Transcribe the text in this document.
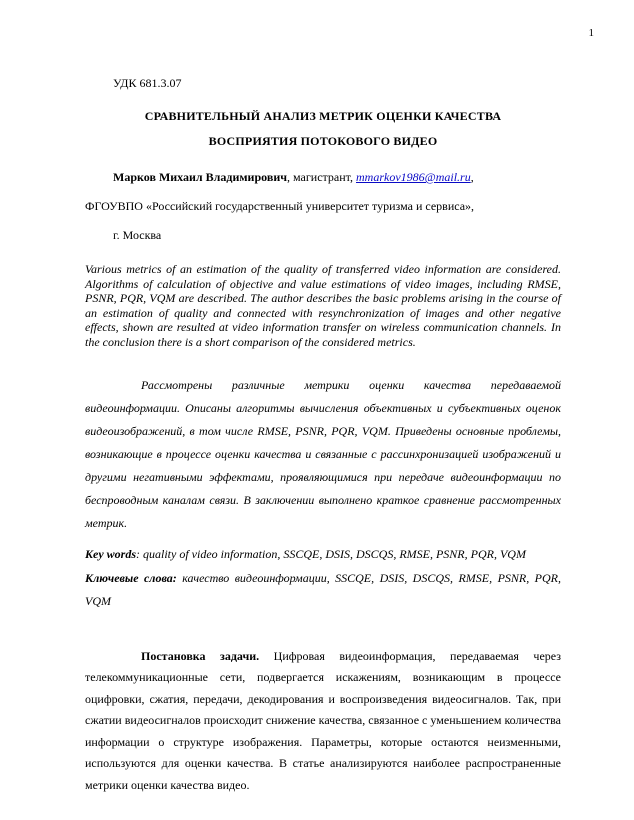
1
УДК 681.3.07
СРАВНИТЕЛЬНЫЙ АНАЛИЗ МЕТРИК ОЦЕНКИ КАЧЕСТВА
ВОСПРИЯТИЯ ПОТОКОВОГО ВИДЕО
Марков Михаил Владимирович, магистрант, mmarkov1986@mail.ru,
ФГОУВПО «Российский государственный университет туризма и сервиса»,
г. Москва
Various metrics of an estimation of the quality of transferred video information are considered. Algorithms of calculation of objective and value estimations of video images, including RMSE, PSNR, PQR, VQM are described. The author describes the basic problems arising in the course of an estimation of quality and connected with resynchronization of images and other negative effects, shown are resulted at video information transfer on wireless communication channels. In the conclusion there is a short comparison of the considered metrics.
Рассмотрены различные метрики оценки качества передаваемой видеоинформации. Описаны алгоритмы вычисления объективных и субъективных оценок видеоизображений, в том числе RMSE, PSNR, PQR, VQM. Приведены основные проблемы, возникающие в процессе оценки качества и связанные с рассинхронизацией изображений и другими негативными эффектами, проявляющимися при передаче видеоинформации по беспроводным каналам связи. В заключении выполнено краткое сравнение рассмотренных метрик.
Key words: quality of video information, SSCQE, DSIS, DSCQS, RMSE, PSNR, PQR, VQM
Ключевые слова: качество видеоинформации, SSCQE, DSIS, DSCQS, RMSE, PSNR, PQR, VQM
Постановка задачи. Цифровая видеоинформация, передаваемая через телекоммуникационные сети, подвергается искажениям, возникающим в процессе оцифровки, сжатия, передачи, декодирования и воспроизведения видеосигналов. Так, при сжатии видеосигналов происходит снижение качества, связанное с уменьшением количества информации о структуре изображения. Параметры, которые остаются неизменными, используются для оценки качества. В статье анализируются наиболее распространенные метрики оценки качества видео.
